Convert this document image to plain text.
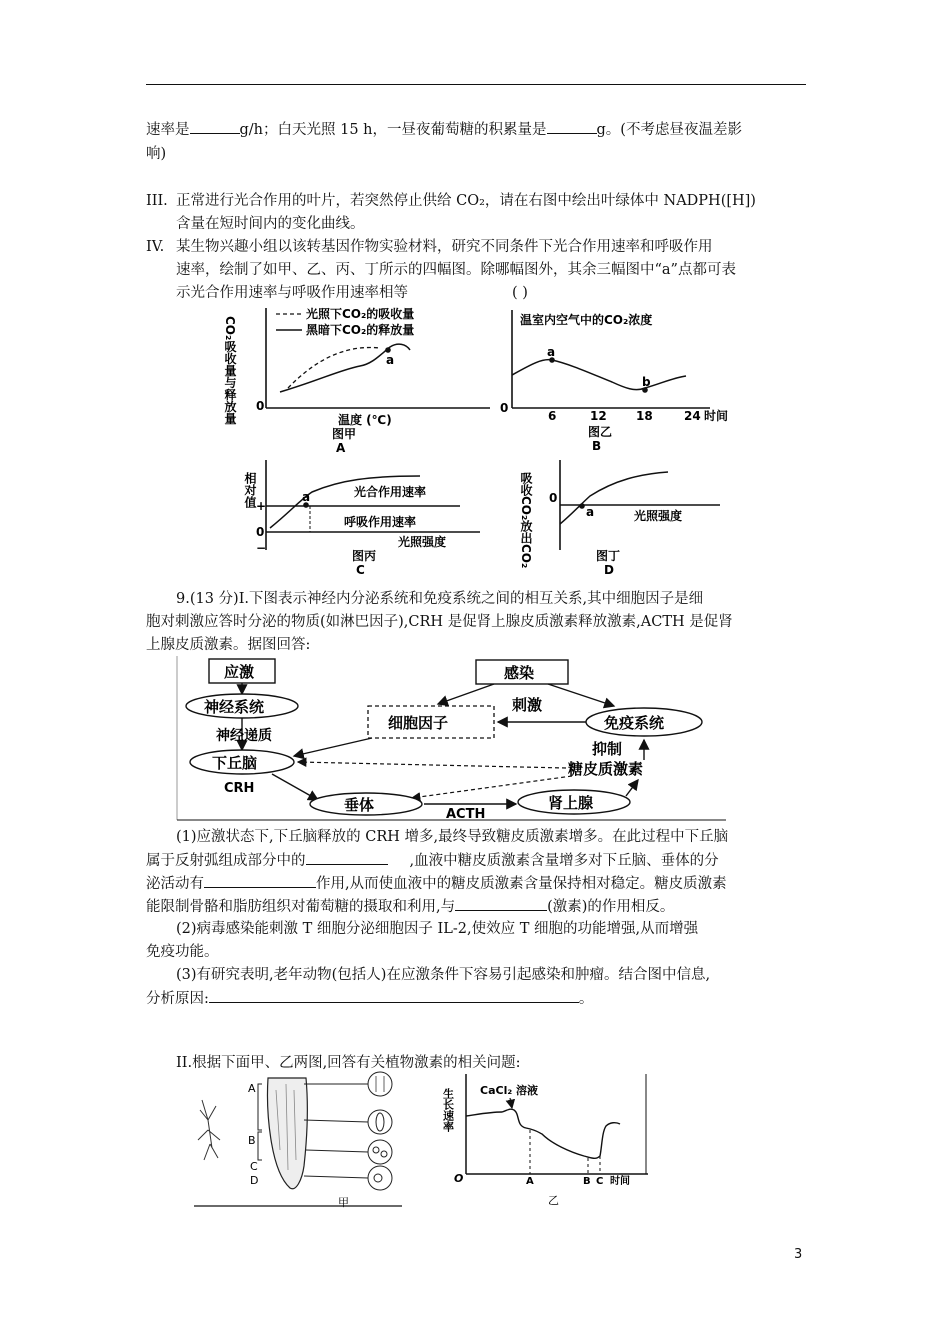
速率是	g/h；白天光照 15 h，一昼夜葡萄糖的积累量是	g。(不考虑昼夜温差影
响)
III. 正常进行光合作用的叶片，若突然停止供给 CO₂，请在右图中绘出叶绿体中 NADPH([H])
含量在短时间内的变化曲线。
IV. 某生物兴趣小组以该转基因作物实验材料，研究不同条件下光合作用速率和呼吸作用
速率，绘制了如甲、乙、丙、丁所示的四幅图。除哪幅图外，其余三幅图中“a”点都可表
示光合作用速率与呼吸作用速率相等	( )
CO₂吸收量与释放量 0
光照下CO₂的吸收量
黑暗下CO₂的释放量
a
温度 (℃)
图甲
A
温室内空气中的CO₂浓度
0
a
b
6	12 18	24 时间
图乙
B
相对值 +
0
−
a	光合作用速率
呼吸作用速率
光照强度
图丙
C
吸收CO₂
放出CO₂
0
a	光照强度
图丁
D
9.(13 分)Ⅰ.下图表示神经内分泌系统和免疫系统之间的相互关系,其中细胞因子是细
胞对刺激应答时分泌的物质(如淋巴因子),CRH 是促肾上腺皮质激素释放激素,ACTH 是促肾
上腺皮质激素。据图回答:
应激
神经系统
感染
细胞因子	免疫系统
刺激
神经递质
下丘脑
抑制
糖皮质激素
CRH
垂体
ACTH
肾上腺
(1)应激状态下,下丘脑释放的 CRH 增多,最终导致糖皮质激素增多。在此过程中下丘脑
属于反射弧组成部分中的	,血液中糖皮质激素含量增多对下丘脑、垂体的分
泌活动有	作用,从而使血液中的糖皮质激素含量保持相对稳定。糖皮质激素
能限制骨骼和脂肪组织对葡萄糖的摄取和利用,与	(激素)的作用相反。
(2)病毒感染能刺激 T 细胞分泌细胞因子 IL-2,使效应 T 细胞的功能增强,从而增强
免疫功能。
(3)有研究表明,老年动物(包括人)在应激条件下容易引起感染和肿瘤。结合图中信息,
分析原因:	。
II.根据下面甲、乙两图,回答有关植物激素的相关问题:
A
B
C
D
甲
生长速率 CaCl₂ 溶液
O	A	B C 时间
乙
3
